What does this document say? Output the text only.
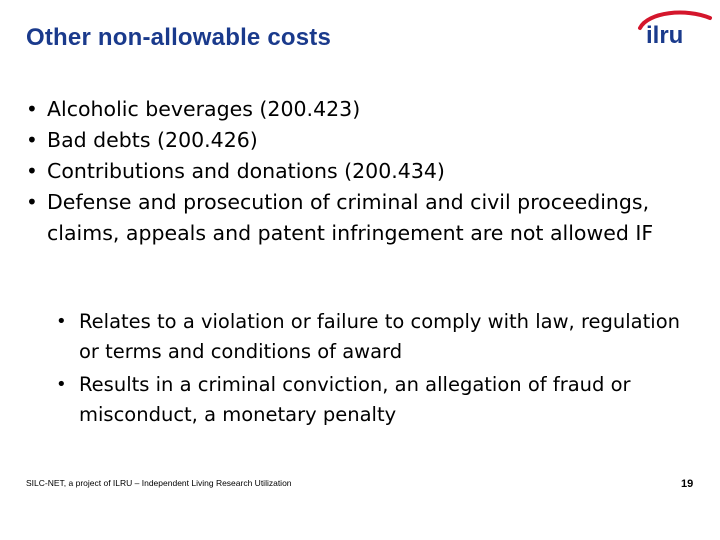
Other non-allowable costs	ilru
• Alcoholic beverages (200.423)
• Bad debts (200.426)
• Contributions and donations (200.434)
• Defense and prosecution of criminal and civil proceedings, claims, appeals and patent infringement are not allowed IF
• Relates to a violation or failure to comply with law, regulation or terms and conditions of award
• Results in a criminal conviction, an allegation of fraud or misconduct, a monetary penalty
SILC-NET, a project of ILRU – Independent Living Research Utilization	19
